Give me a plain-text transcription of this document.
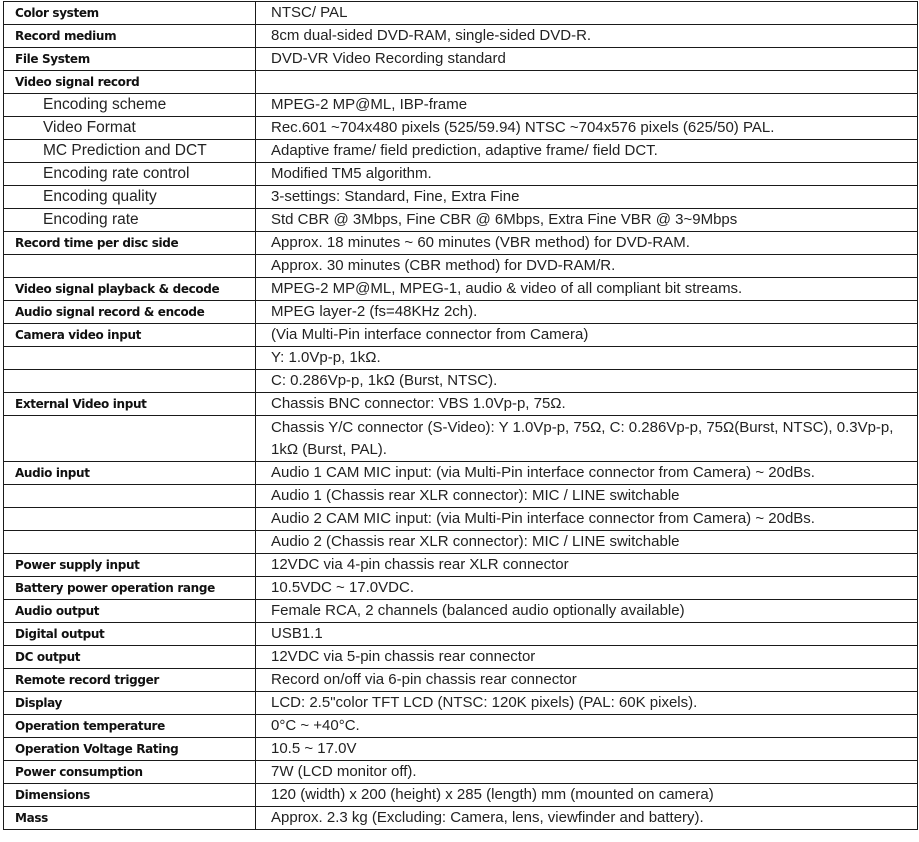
Color system	NTSC/ PAL
Record medium	8cm dual-sided DVD-RAM, single-sided DVD-R.
File System	DVD-VR Video Recording standard
Video signal record	
Encoding scheme	MPEG-2 MP@ML, IBP-frame
Video Format	Rec.601 ~704x480 pixels (525/59.94) NTSC ~704x576 pixels (625/50) PAL.
MC Prediction and DCT	Adaptive frame/ field prediction, adaptive frame/ field DCT.
Encoding rate control	Modified TM5 algorithm.
Encoding quality	3-settings: Standard, Fine, Extra Fine
Encoding rate	Std CBR @ 3Mbps, Fine CBR @ 6Mbps, Extra Fine VBR @ 3~9Mbps
Record time per disc side	Approx. 18 minutes ~ 60 minutes (VBR method) for DVD-RAM.
	Approx. 30 minutes (CBR method) for DVD-RAM/R.
Video signal playback & decode	MPEG-2 MP@ML, MPEG-1, audio & video of all compliant bit streams.
Audio signal record & encode	MPEG layer-2 (fs=48KHz 2ch).
Camera video input	(Via Multi-Pin interface connector from Camera)
	Y: 1.0Vp-p, 1kΩ.
	C: 0.286Vp-p, 1kΩ (Burst, NTSC).
External Video input	Chassis BNC connector: VBS 1.0Vp-p, 75Ω.
	Chassis Y/C connector (S-Video): Y 1.0Vp-p, 75Ω, C: 0.286Vp-p, 75Ω(Burst, NTSC), 0.3Vp-p, 1kΩ (Burst, PAL).
Audio input	Audio 1 CAM MIC input: (via Multi-Pin interface connector from Camera) ~ 20dBs.
	Audio 1 (Chassis rear XLR connector): MIC / LINE switchable
	Audio 2 CAM MIC input: (via Multi-Pin interface connector from Camera) ~ 20dBs.
	Audio 2 (Chassis rear XLR connector): MIC / LINE switchable
Power supply input	12VDC via 4-pin chassis rear XLR connector
Battery power operation range	10.5VDC ~ 17.0VDC.
Audio output	Female RCA, 2 channels (balanced audio optionally available)
Digital output	USB1.1
DC output	12VDC via 5-pin chassis rear connector
Remote record trigger	Record on/off via 6-pin chassis rear connector
Display	LCD: 2.5"color TFT LCD (NTSC: 120K pixels) (PAL: 60K pixels).
Operation temperature	0°C ~ +40°C.
Operation Voltage Rating	10.5 ~ 17.0V
Power consumption	7W (LCD monitor off).
Dimensions	120 (width) x 200 (height) x 285 (length) mm (mounted on camera)
Mass	Approx. 2.3 kg (Excluding: Camera, lens, viewfinder and battery).
